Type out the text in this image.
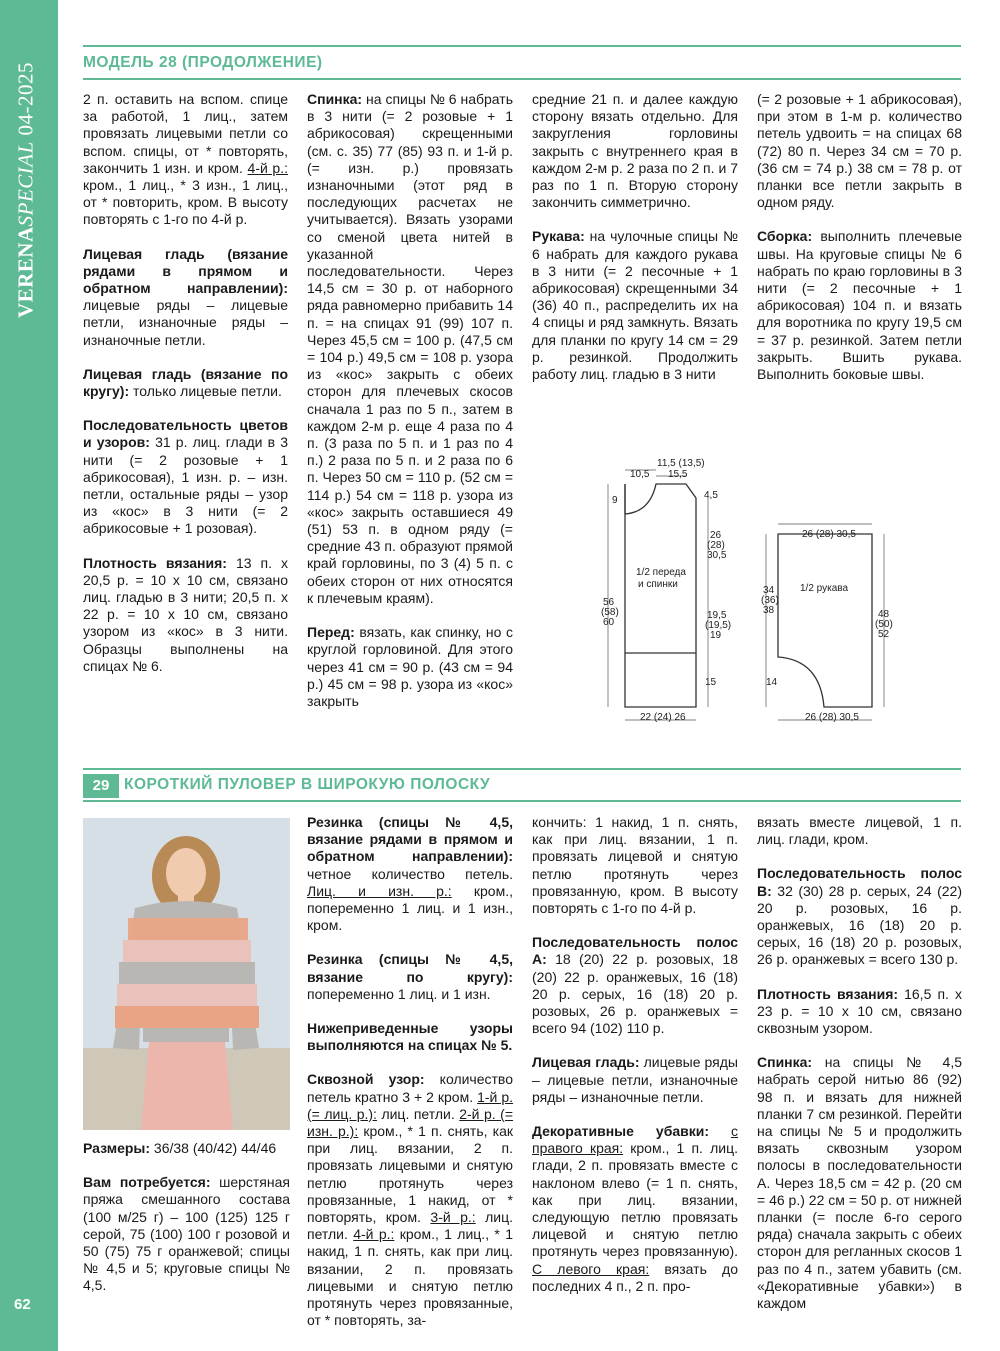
VERENASPECIAL 04-2025
62
МОДЕЛЬ 28 (ПРОДОЛЖЕНИЕ)

2 п. оставить на вспом. спице за работой, 1 лиц., затем провязать лицевыми петли со вспом. спицы, от * повторять, закончить 1 изн. и кром. 4-й р.: кром., 1 лиц., * 3 изн., 1 лиц., от * повторить, кром. В высоту повторять с 1-го по 4-й р.

Лицевая гладь (вязание рядами в прямом и обратном направлении): лицевые ряды – лицевые петли, изнаночные ряды – изнаночные петли.

Лицевая гладь (вязание по кругу): только лицевые петли.

Последовательность цветов и узоров: 31 р. лиц. глади в 3 нити (= 2 розовые + 1 абрикосовая), 1 изн. р. – изн. петли, остальные ряды – узор из «кос» в 3 нити (= 2 абрикосовые + 1 розовая).

Плотность вязания: 13 п. х 20,5 р. = 10 х 10 см, связано лиц. гладью в 3 нити; 20,5 п. х 22 р. = 10 х 10 см, связано узором из «кос» в 3 нити. Образцы выполнены на спицах № 6.

Спинка: на спицы № 6 набрать в 3 нити (= 2 розовые + 1 абрикосовая) скрещенными (см. с. 35) 77 (85) 93 п. и 1-й р. (= изн. р.) провязать изнаночными (этот ряд в последующих расчетах не учитывается). Вязать узорами со сменой цвета нитей в указанной последовательности. Через 14,5 см = 30 р. от наборного ряда равномерно прибавить 14 п. = на спицах 91 (99) 107 п. Через 45,5 см = 100 р. (47,5 см = 104 р.) 49,5 см = 108 р. узора из «кос» закрыть с обеих сторон для плечевых скосов сначала 1 раз по 5 п., затем в каждом 2-м р. еще 4 раза по 4 п. (3 раза по 5 п. и 1 раз по 4 п.) 2 раза по 5 п. и 2 раза по 6 п. Через 50 см = 110 р. (52 см = 114 р.) 54 см = 118 р. узора из «кос» закрыть оставшиеся 49 (51) 53 п. в одном ряду (= средние 43 п. образуют прямой край горловины, по 3 (4) 5 п. с обеих сторон от них относятся к плечевым краям).

Перед: вязать, как спинку, но с круглой горловиной. Для этого через 41 см = 90 р. (43 см = 94 р.) 45 см = 98 р. узора из «кос» закрыть

средние 21 п. и далее каждую сторону вязать отдельно. Для закругления горловины закрыть с внутреннего края в каждом 2-м р. 2 раза по 2 п. и 7 раз по 1 п. Вторую сторону закончить симметрично.

Рукава: на чулочные спицы № 6 набрать для каждого рукава в 3 нити (= 2 песочные + 1 абрикосовая) скрещенными 34 (36) 40 п., распределить их на 4 спицы и ряд замкнуть. Вязать для планки по кругу 14 см = 29 р. резинкой. Продолжить работу лиц. гладью в 3 нити

(= 2 розовые + 1 абрикосовая), при этом в 1-м р. количество петель удвоить = на спицах 68 (72) 80 п. Через 34 см = 70 р. (36 см = 74 р.) 38 см = 78 р. от планки все петли закрыть в одном ряду.

Сборка: выполнить плечевые швы. На круговые спицы № 6 набрать по краю горловины в 3 нити (= 2 песочные + 1 абрикосовая) 104 п. и вязать для воротника по кругу 19,5 см = 37 р. резинкой. Затем петли закрыть. Вшить рукава. Выполнить боковые швы.

10,5
11,5 (13,5)
15,5
9	4,5
26
(28)
30,5
1/2 переда
и спинки
56
(58)
60
19,5
(19,5)
19
15
22 (24) 26
26 (28) 30,5
1/2 рукава
34
(36)
38	48
(50)
52
14
26 (28) 30,5
29 КОРОТКИЙ ПУЛОВЕР В ШИРОКУЮ ПОЛОСКУ

Размеры: 36/38 (40/42) 44/46

Вам потребуется: шерстяная пряжа смешанного состава (100 м/25 г) – 100 (125) 125 г серой, 75 (100) 100 г розовой и 50 (75) 75 г оранжевой; спицы № 4,5 и 5; круговые спицы № 4,5.

Резинка (спицы № 4,5, вязание рядами в прямом и обратном направлении): четное количество петель. Лиц. и изн. р.: кром., попеременно 1 лиц. и 1 изн., кром.

Резинка (спицы № 4,5, вязание по кругу): попеременно 1 лиц. и 1 изн.

Нижеприведенные узоры выполняются на спицах № 5.

Сквозной узор: количество петель кратно 3 + 2 кром. 1-й р. (= лиц. р.): лиц. петли. 2-й р. (= изн. р.): кром., * 1 п. снять, как при лиц. вязании, 2 п. провязать лицевыми и снятую петлю протянуть через провязанные, 1 накид, от * повторять, кром. 3-й р.: лиц. петли. 4-й р.: кром., 1 лиц., * 1 накид, 1 п. снять, как при лиц. вязании, 2 п. провязать лицевыми и снятую петлю протянуть через провязанные, от * повторять, за-

кончить: 1 накид, 1 п. снять, как при лиц. вязании, 1 п. провязать лицевой и снятую петлю протянуть через провязанную, кром. В высоту повторять с 1-го по 4-й р.

Последовательность полос А: 18 (20) 22 р. розовых, 18 (20) 22 р. оранжевых, 16 (18) 20 р. серых, 16 (18) 20 р. розовых, 26 р. оранжевых = всего 94 (102) 110 р.

Лицевая гладь: лицевые ряды – лицевые петли, изнаночные ряды – изнаночные петли.

Декоративные убавки: с правого края: кром., 1 п. лиц. глади, 2 п. провязать вместе с наклоном влево (= 1 п. снять, как при лиц. вязании, следующую петлю провязать лицевой и снятую петлю протянуть через провязанную). С левого края: вязать до последних 4 п., 2 п. про-

вязать вместе лицевой, 1 п. лиц. глади, кром.

Последовательность полос В: 32 (30) 28 р. серых, 24 (22) 20 р. розовых, 16 р. оранжевых, 16 (18) 20 р. серых, 16 (18) 20 р. розовых, 26 р. оранжевых = всего 130 р.

Плотность вязания: 16,5 п. х 23 р. = 10 х 10 см, связано сквозным узором.

Спинка: на спицы № 4,5 набрать серой нитью 86 (92) 98 п. и вязать для нижней планки 7 см резинкой. Перейти на спицы № 5 и продолжить вязать сквозным узором полосы в последовательности А. Через 18,5 см = 42 р. (20 см = 46 р.) 22 см = 50 р. от нижней планки (= после 6-го серого ряда) сначала закрыть с обеих сторон для регланных скосов 1 раз по 4 п., затем убавить (см. «Декоративные убавки») в каждом
